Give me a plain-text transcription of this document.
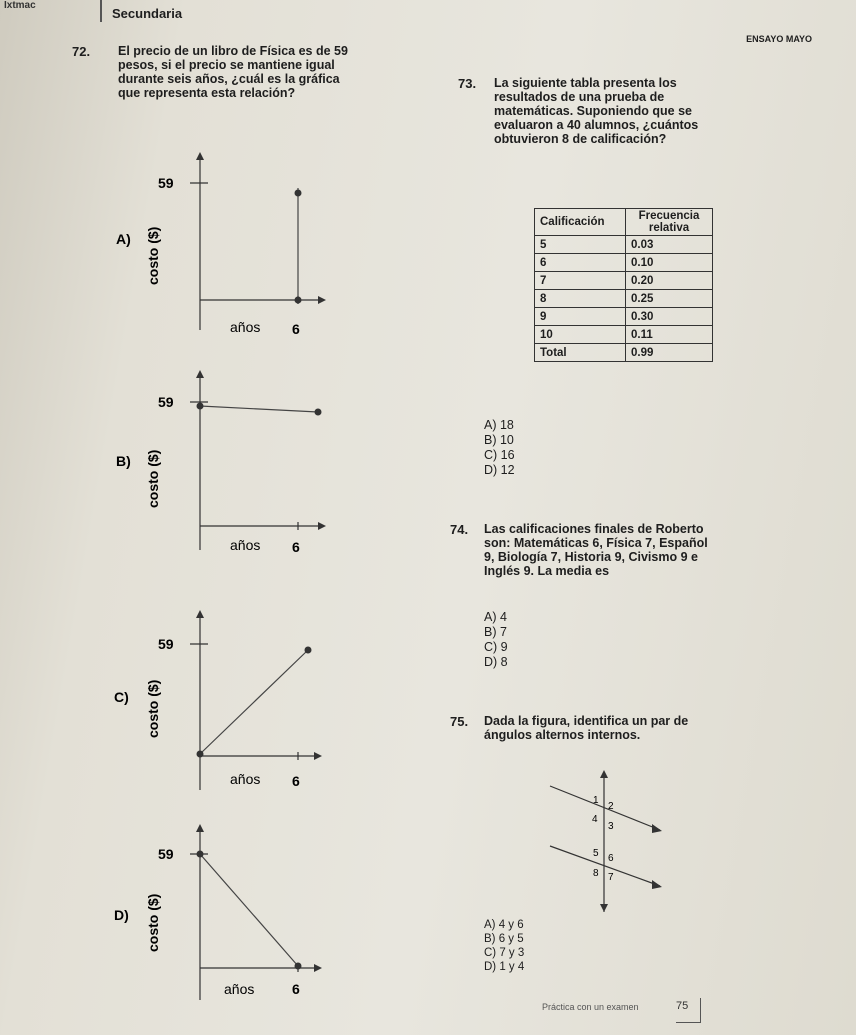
Ixtmac
Secundaria
ENSAYO MAYO
72. El precio de un libro de Física es de 59
pesos, si el precio se mantiene igual
durante seis años, ¿cuál es la gráfica
que representa esta relación?
A)
59
costo ($)
años 6
B)
59
costo ($)
años 6
C)
59
costo ($)
años 6
D)
59
costo ($)
años	6
73. La siguiente tabla presenta los
resultados de una prueba de
matemáticas. Suponiendo que se
evaluaron a 40 alumnos, ¿cuántos
obtuvieron 8 de calificación?
Calificación	Frecuencia relativa
5	0.03
6	0.10
7	0.20
8	0.25
9	0.30
10	0.11
Total	0.99
A) 18
B) 10
C) 16
D) 12
74. Las calificaciones finales de Roberto
son: Matemáticas 6, Física 7, Español
9, Biología 7, Historia 9, Civismo 9 e
Inglés 9. La media es
A) 4
B) 7
C) 9
D) 8
75. Dada la figura, identifica un par de
ángulos alternos internos.
1
2
4
3
5 6
8 7
A) 4 y 6
B) 6 y 5
C) 7 y 3
D) 1 y 4
Práctica con un examen	75
